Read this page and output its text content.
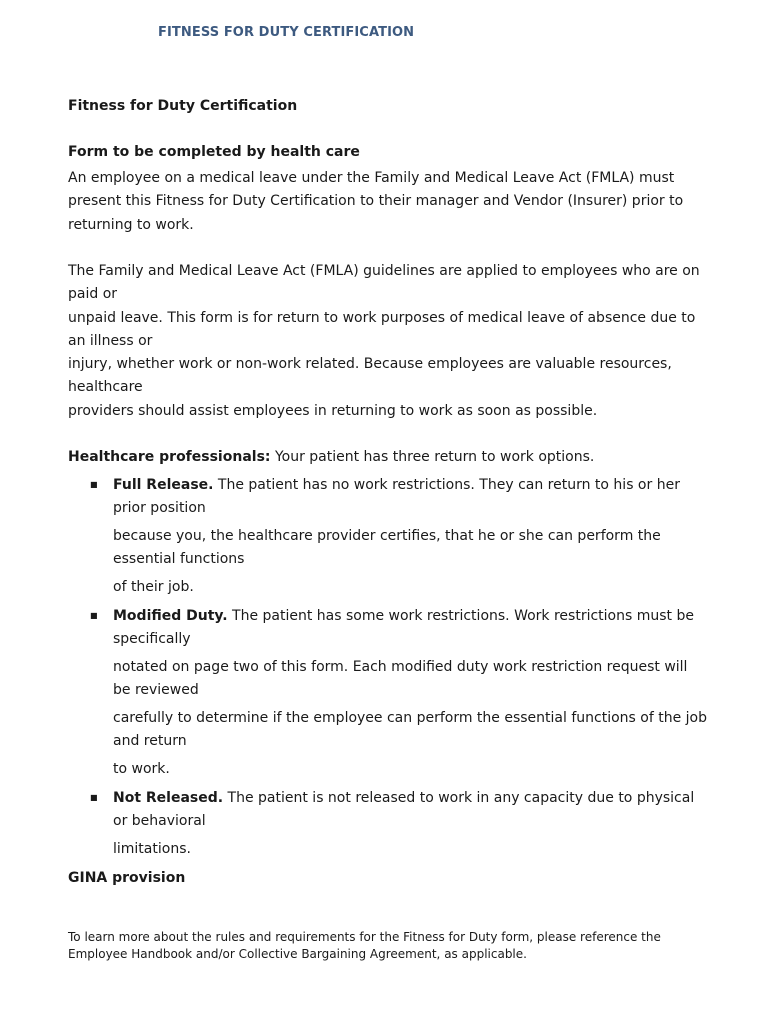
FITNESS FOR DUTY CERTIFICATION
Fitness for Duty Certification
Form to be completed by health care
An employee on a medical leave under the Family and Medical Leave Act (FMLA) must
present this Fitness for Duty Certification to their manager and Vendor (Insurer) prior to
returning to work.
The Family and Medical Leave Act (FMLA) guidelines are applied to employees who are on
paid or
unpaid leave. This form is for return to work purposes of medical leave of absence due to
an illness or
injury, whether work or non-work related. Because employees are valuable resources,
healthcare
providers should assist employees in returning to work as soon as possible.
Healthcare professionals: Your patient has three return to work options.
■ Full Release. The patient has no work restrictions. They can return to his or her
prior position
because you, the healthcare provider certifies, that he or she can perform the
essential functions
of their job.
■ Modified Duty. The patient has some work restrictions. Work restrictions must be
specifically
notated on page two of this form. Each modified duty work restriction request will
be reviewed
carefully to determine if the employee can perform the essential functions of the job
and return
to work.
■ Not Released. The patient is not released to work in any capacity due to physical
or behavioral
limitations.
GINA provision
To learn more about the rules and requirements for the Fitness for Duty form, please reference the
Employee Handbook and/or Collective Bargaining Agreement, as applicable.
